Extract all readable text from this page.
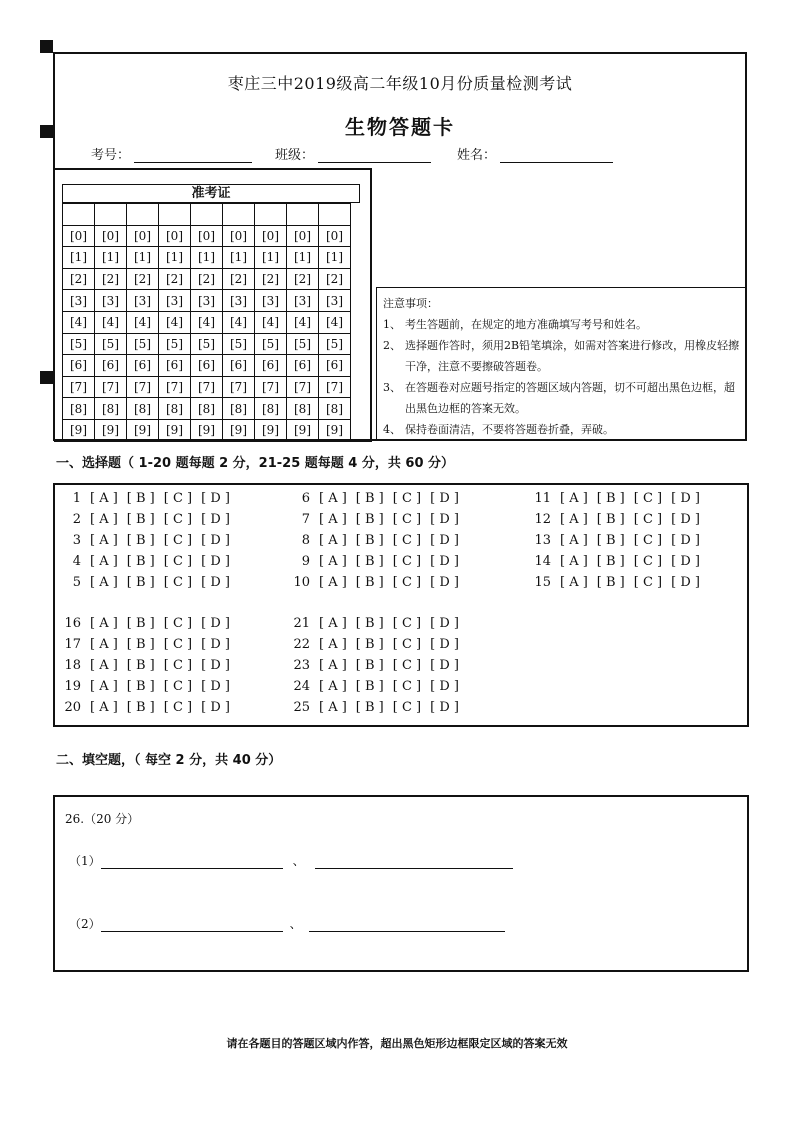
枣庄三中2019级高二年级10月份质量检测考试
生物答题卡
考号：	班级：	姓名：
准考证

[0]	[0]	[0]	[0]	[0]	[0]	[0]	[0]	[0]
[1]	[1]	[1]	[1]	[1]	[1]	[1]	[1]	[1]
[2]	[2]	[2]	[2]	[2]	[2]	[2]	[2]	[2]
[3]	[3]	[3]	[3]	[3]	[3]	[3]	[3]	[3]
[4]	[4]	[4]	[4]	[4]	[4]	[4]	[4]	[4]
[5]	[5]	[5]	[5]	[5]	[5]	[5]	[5]	[5]
[6]	[6]	[6]	[6]	[6]	[6]	[6]	[6]	[6]
[7]	[7]	[7]	[7]	[7]	[7]	[7]	[7]	[7]
[8]	[8]	[8]	[8]	[8]	[8]	[8]	[8]	[8]
[9]	[9]	[9]	[9]	[9]	[9]	[9]	[9]	[9]
注意事项：
1、 考生答题前，在规定的地方准确填写考号和姓名。
2、 选择题作答时，须用2B铅笔填涂，如需对答案进行修改，用橡皮轻擦干净，注意不要擦破答题卷。
3、 在答题卷对应题号指定的答题区域内答题，切不可超出黑色边框，超出黑色边框的答案无效。
4、 保持卷面清洁，不要将答题卷折叠，弄破。
一、选择题（ 1-20 题每题 2 分，21-25 题每题 4 分，共 60 分）
1 [ A ] [ B ] [ C ] [ D ]
2 [ A ] [ B ] [ C ] [ D ]
3 [ A ] [ B ] [ C ] [ D ]
4 [ A ] [ B ] [ C ] [ D ]
5 [ A ] [ B ] [ C ] [ D ]
6 [ A ] [ B ] [ C ] [ D ]
7 [ A ] [ B ] [ C ] [ D ]
8 [ A ] [ B ] [ C ] [ D ]
9 [ A ] [ B ] [ C ] [ D ]
10 [ A ] [ B ] [ C ] [ D ]
11 [ A ] [ B ] [ C ] [ D ]
12 [ A ] [ B ] [ C ] [ D ]
13 [ A ] [ B ] [ C ] [ D ]
14 [ A ] [ B ] [ C ] [ D ]
15 [ A ] [ B ] [ C ] [ D ]
16 [ A ] [ B ] [ C ] [ D ]
17 [ A ] [ B ] [ C ] [ D ]
18 [ A ] [ B ] [ C ] [ D ]
19 [ A ] [ B ] [ C ] [ D ]
20 [ A ] [ B ] [ C ] [ D ]
21 [ A ] [ B ] [ C ] [ D ]
22 [ A ] [ B ] [ C ] [ D ]
23 [ A ] [ B ] [ C ] [ D ]
24 [ A ] [ B ] [ C ] [ D ]
25 [ A ] [ B ] [ C ] [ D ]
二、填空题，（ 每空 2 分，共 40 分）
26.（20 分）
（1）	、
（2）	、
请在各题目的答题区域内作答，超出黑色矩形边框限定区域的答案无效
